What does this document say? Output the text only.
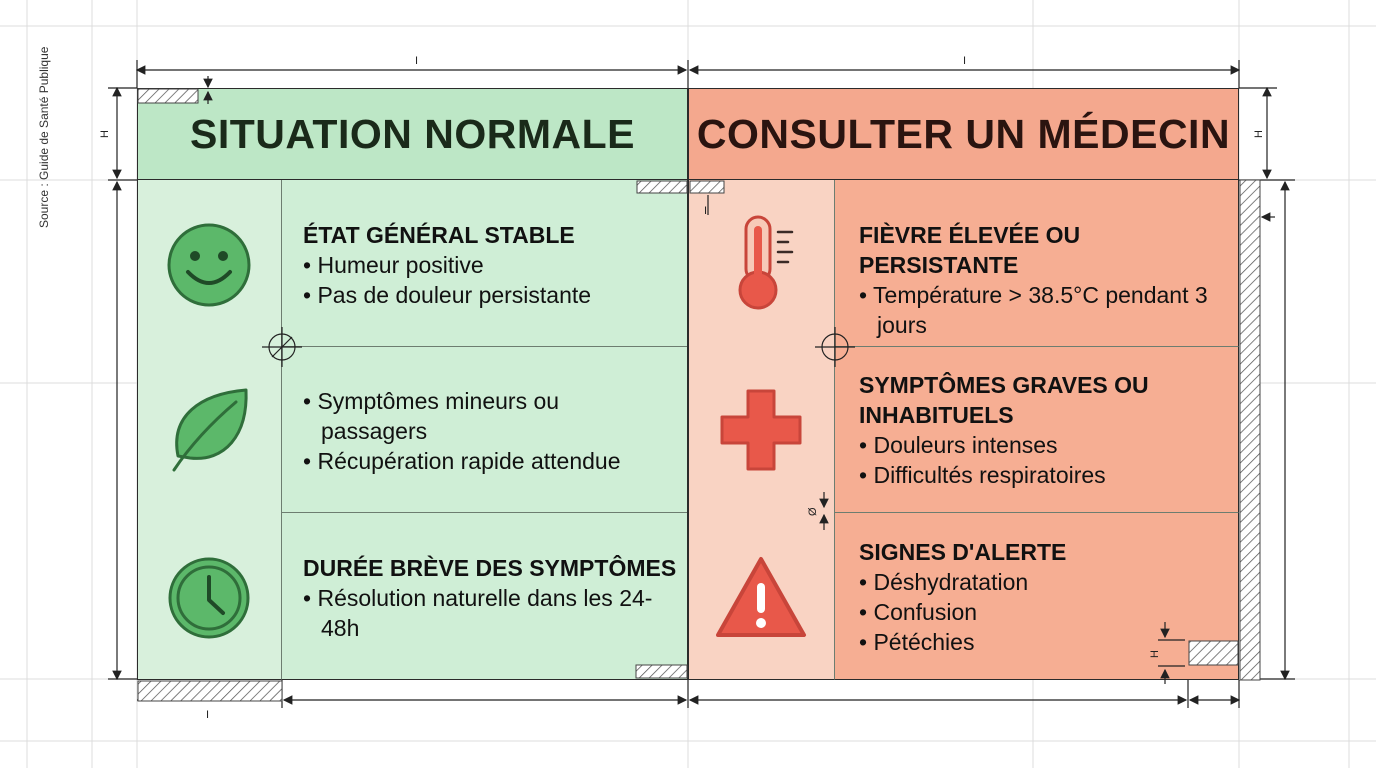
Source : Guide de Santé Publique	SITUATION NORMALE	CONSULTER UN MÉDECIN
ÉTAT GÉNÉRAL STABLE
• Humeur positive
• Pas de douleur persistante
• Symptômes mineurs ou passagers
• Récupération rapide attendue
DURÉE BRÈVE DES SYMPTÔMES
• Résolution naturelle dans les 24-48h
FIÈVRE ÉLEVÉE OU PERSISTANTE
• Température > 38.5°C pendant 3 jours
SYMPTÔMES GRAVES OU INHABITUELS
• Douleurs intenses
• Difficultés respiratoires
SIGNES D'ALERTE
• Déshydratation
• Confusion
• Pétéchies
I	I
I
I
H	H
H
Ø
